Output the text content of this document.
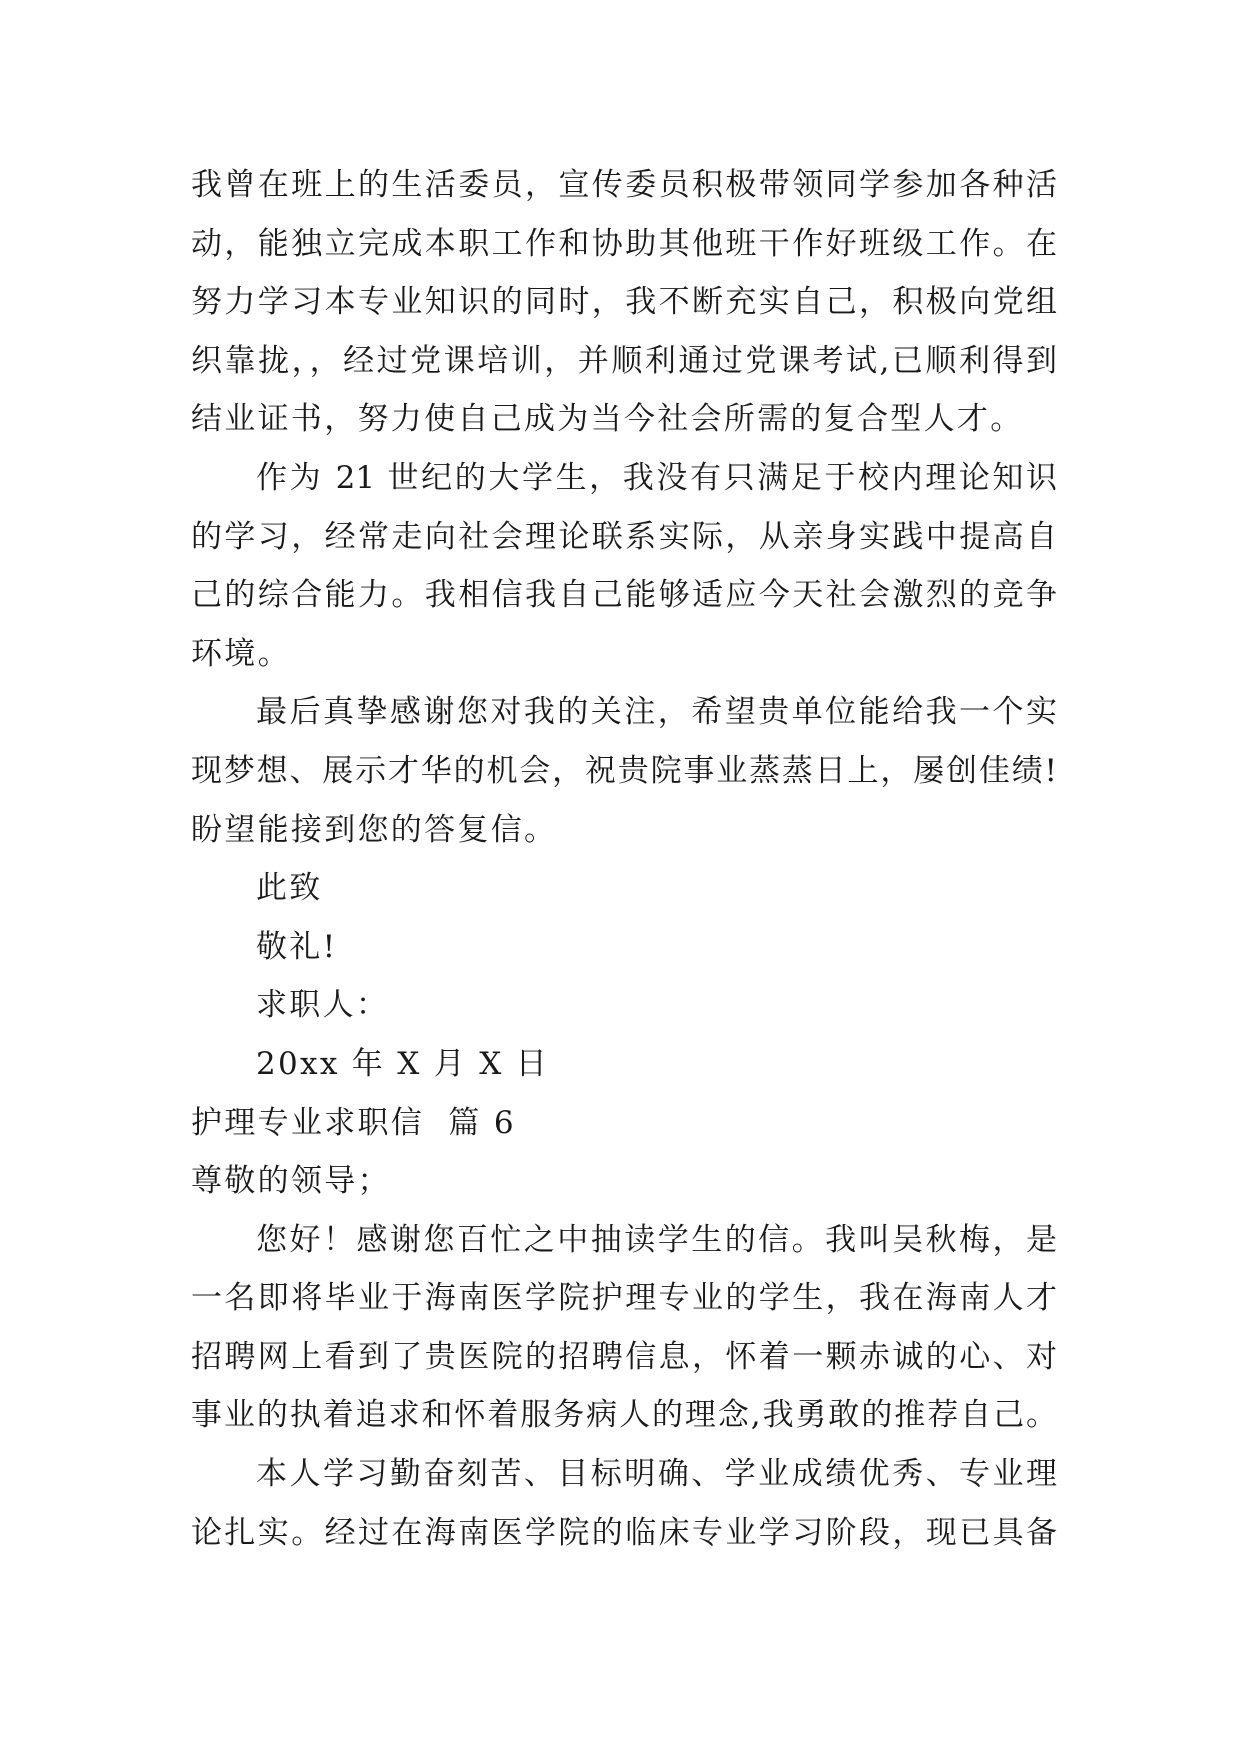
我曾在班上的生活委员，宣传委员积极带领同学参加各种活
动，能独立完成本职工作和协助其他班干作好班级工作。在
努力学习本专业知识的同时，我不断充实自己，积极向党组
织靠拢，，经过党课培训，并顺利通过党课考试,已顺利得到
结业证书，努力使自己成为当今社会所需的复合型人才。
作为 21 世纪的大学生，我没有只满足于校内理论知识
的学习，经常走向社会理论联系实际，从亲身实践中提高自
己的综合能力。我相信我自己能够适应今天社会激烈的竞争
环境。
最后真挚感谢您对我的关注，希望贵单位能给我一个实
现梦想、展示才华的机会，祝贵院事业蒸蒸日上，屡创佳绩!
盼望能接到您的答复信。
此致
敬礼!
求职人：
20xx 年 X 月 X 日
护理专业求职信  篇 6
尊敬的领导；
您好！感谢您百忙之中抽读学生的信。我叫吴秋梅，是
一名即将毕业于海南医学院护理专业的学生，我在海南人才
招聘网上看到了贵医院的招聘信息，怀着一颗赤诚的心、对
事业的执着追求和怀着服务病人的理念,我勇敢的推荐自己。
本人学习勤奋刻苦、目标明确、学业成绩优秀、专业理
论扎实。经过在海南医学院的临床专业学习阶段，现已具备
